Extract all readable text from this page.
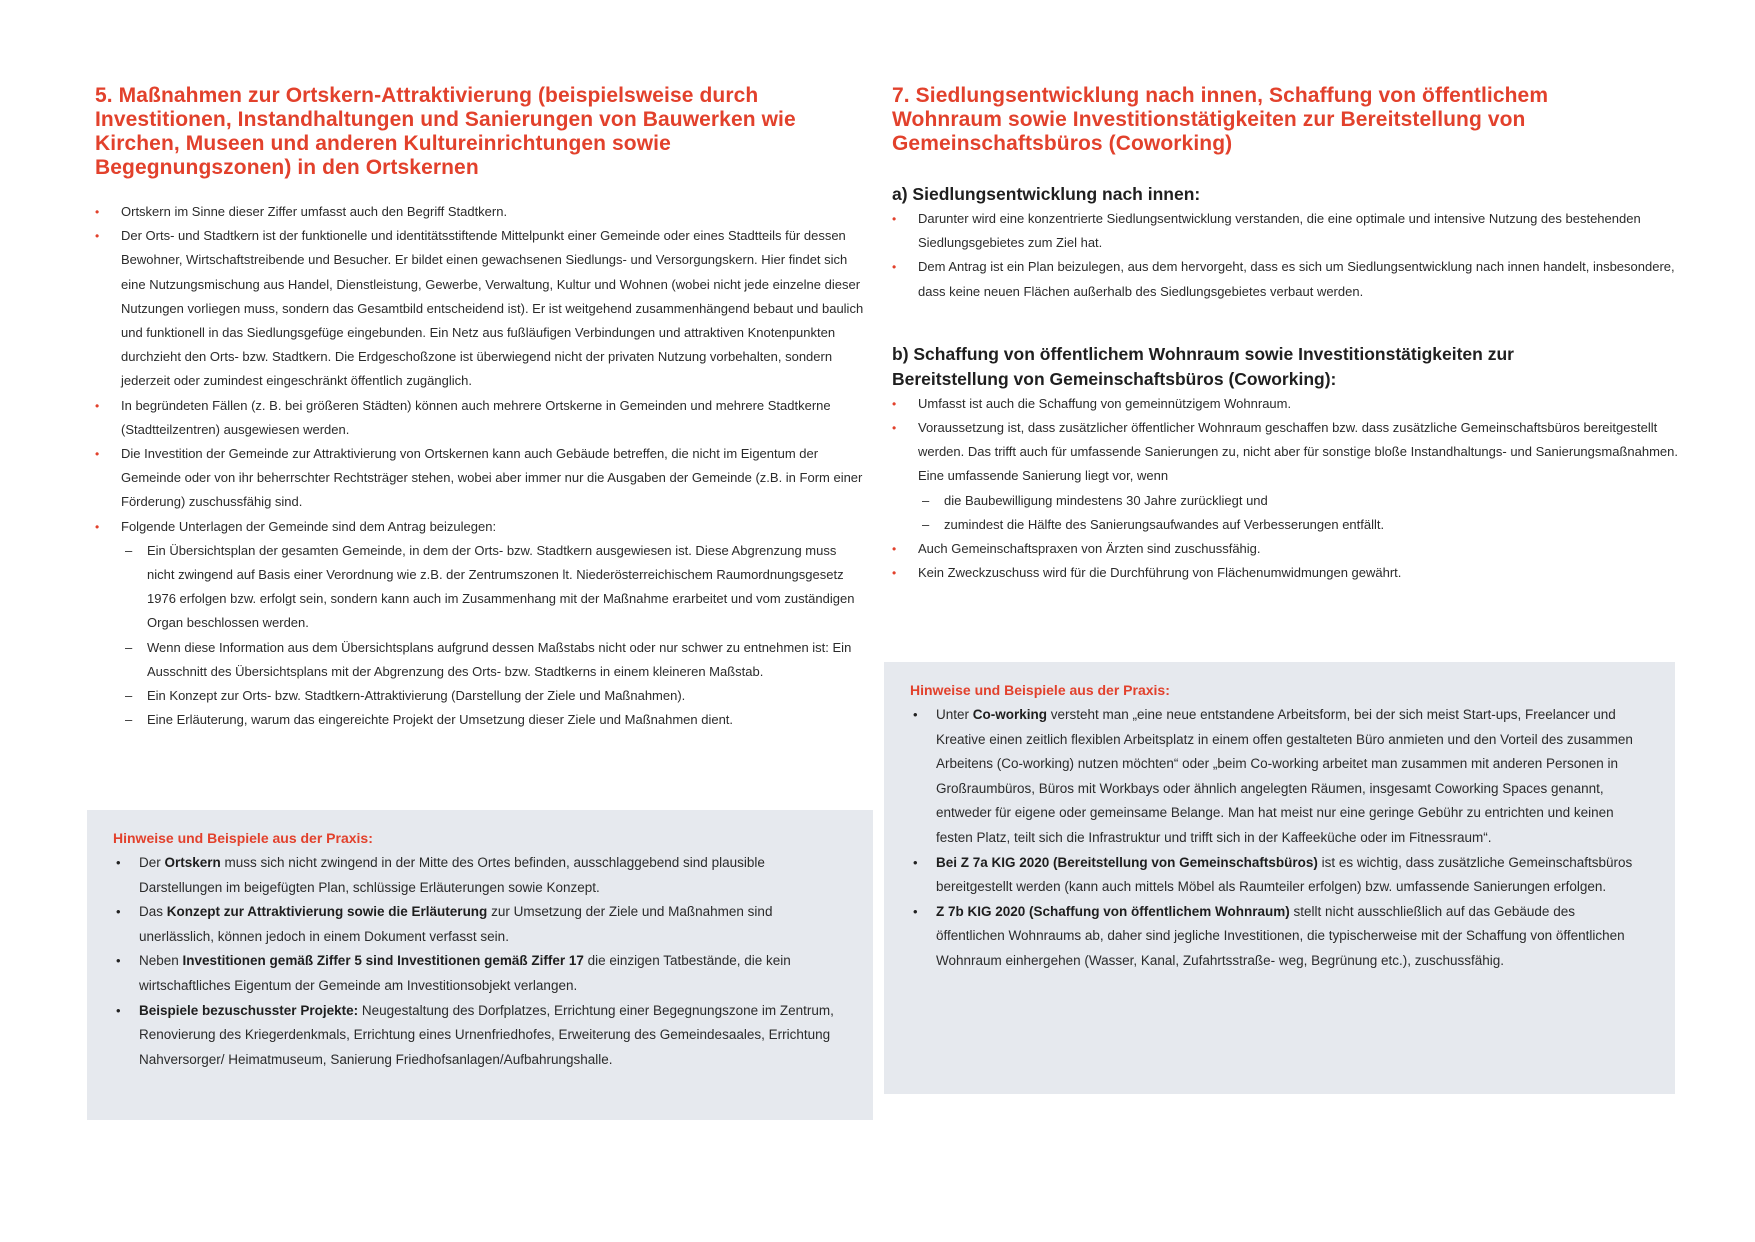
5. Maßnahmen zur Ortskern-Attraktivierung (beispielsweise durch Investitionen, Instandhaltungen und Sanierungen von Bauwerken wie Kirchen, Museen und anderen Kultureinrichtungen sowie Begegnungszonen) in den Ortskernen
• Ortskern im Sinne dieser Ziffer umfasst auch den Begriff Stadtkern.
• Der Orts- und Stadtkern ist der funktionelle und identitätsstiftende Mittelpunkt einer Gemeinde oder eines Stadtteils für dessen Bewohner, Wirtschaftstreibende und Besucher. Er bildet einen gewachsenen Siedlungs- und Versorgungskern. Hier findet sich eine Nutzungsmischung aus Handel, Dienstleistung, Gewerbe, Verwaltung, Kultur und Wohnen (wobei nicht jede einzelne dieser Nutzungen vorliegen muss, sondern das Gesamtbild entscheidend ist). Er ist weitgehend zusammenhängend bebaut und baulich und funktionell in das Siedlungsgefüge eingebunden. Ein Netz aus fußläufigen Verbindungen und attraktiven Knotenpunkten durchzieht den Orts- bzw. Stadtkern. Die Erdgeschoßzone ist überwiegend nicht der privaten Nutzung vorbehalten, sondern jederzeit oder zumindest eingeschränkt öffentlich zugänglich.
• In begründeten Fällen (z. B. bei größeren Städten) können auch mehrere Ortskerne in Gemeinden und mehrere Stadtkerne (Stadtteilzentren) ausgewiesen werden.
• Die Investition der Gemeinde zur Attraktivierung von Ortskernen kann auch Gebäude betreffen, die nicht im Eigentum der Gemeinde oder von ihr beherrschter Rechtsträger stehen, wobei aber immer nur die Ausgaben der Gemeinde (z.B. in Form einer Förderung) zuschussfähig sind.
• Folgende Unterlagen der Gemeinde sind dem Antrag beizulegen:
– Ein Übersichtsplan der gesamten Gemeinde, in dem der Orts- bzw. Stadtkern ausgewiesen ist. Diese Abgrenzung muss nicht zwingend auf Basis einer Verordnung wie z.B. der Zentrumszonen lt. Niederösterreichischem Raumordnungsgesetz 1976 erfolgen bzw. erfolgt sein, sondern kann auch im Zusammenhang mit der Maßnahme erarbeitet und vom zuständigen Organ beschlossen werden.
– Wenn diese Information aus dem Übersichtsplans aufgrund dessen Maßstabs nicht oder nur schwer zu entnehmen ist: Ein Ausschnitt des Übersichtsplans mit der Abgrenzung des Orts- bzw. Stadtkerns in einem kleineren Maßstab.
– Ein Konzept zur Orts- bzw. Stadtkern-Attraktivierung (Darstellung der Ziele und Maßnahmen).
– Eine Erläuterung, warum das eingereichte Projekt der Umsetzung dieser Ziele und Maßnahmen dient.
Hinweise und Beispiele aus der Praxis:
• Der Ortskern muss sich nicht zwingend in der Mitte des Ortes befinden, ausschlaggebend sind plausible Darstellungen im beigefügten Plan, schlüssige Erläuterungen sowie Konzept.
• Das Konzept zur Attraktivierung sowie die Erläuterung zur Umsetzung der Ziele und Maßnahmen sind unerlässlich, können jedoch in einem Dokument verfasst sein.
• Neben Investitionen gemäß Ziffer 5 sind Investitionen gemäß Ziffer 17 die einzigen Tatbestände, die kein wirtschaftliches Eigentum der Gemeinde am Investitionsobjekt verlangen.
• Beispiele bezuschusster Projekte: Neugestaltung des Dorfplatzes, Errichtung einer Begegnungszone im Zentrum, Renovierung des Kriegerdenkmals, Errichtung eines Urnenfriedhofes, Erweiterung des Gemeindesaales, Errichtung Nahversorger/ Heimatmuseum, Sanierung Friedhofsanlagen/Aufbahrungshalle.
7. Siedlungsentwicklung nach innen, Schaffung von öffentlichem Wohnraum sowie Investitionstätigkeiten zur Bereitstellung von Gemeinschaftsbüros (Coworking)
a) Siedlungsentwicklung nach innen:
• Darunter wird eine konzentrierte Siedlungsentwicklung verstanden, die eine optimale und intensive Nutzung des bestehenden Siedlungsgebietes zum Ziel hat.
• Dem Antrag ist ein Plan beizulegen, aus dem hervorgeht, dass es sich um Siedlungsentwicklung nach innen handelt, insbesondere, dass keine neuen Flächen außerhalb des Siedlungsgebietes verbaut werden.
b) Schaffung von öffentlichem Wohnraum sowie Investitionstätigkeiten zur Bereitstellung von Gemeinschaftsbüros (Coworking):
• Umfasst ist auch die Schaffung von gemeinnützigem Wohnraum.
• Voraussetzung ist, dass zusätzlicher öffentlicher Wohnraum geschaffen bzw. dass zusätzliche Gemeinschaftsbüros bereitgestellt werden. Das trifft auch für umfassende Sanierungen zu, nicht aber für sonstige bloße Instandhaltungs- und Sanierungsmaßnahmen. Eine umfassende Sanierung liegt vor, wenn
– die Baubewilligung mindestens 30 Jahre zurückliegt und
– zumindest die Hälfte des Sanierungsaufwandes auf Verbesserungen entfällt.
• Auch Gemeinschaftspraxen von Ärzten sind zuschussfähig.
• Kein Zweckzuschuss wird für die Durchführung von Flächenumwidmungen gewährt.
Hinweise und Beispiele aus der Praxis:
• Unter Co-working versteht man „eine neue entstandene Arbeitsform, bei der sich meist Start-ups, Freelancer und Kreative einen zeitlich flexiblen Arbeitsplatz in einem offen gestalteten Büro anmieten und den Vorteil des zusammen Arbeitens (Co-working) nutzen möchten“ oder „beim Co-working arbeitet man zusammen mit anderen Personen in Großraumbüros, Büros mit Workbays oder ähnlich angelegten Räumen, insgesamt Coworking Spaces genannt, entweder für eigene oder gemeinsame Belange. Man hat meist nur eine geringe Gebühr zu entrichten und keinen festen Platz, teilt sich die Infrastruktur und trifft sich in der Kaffeeküche oder im Fitnessraum“.
• Bei Z 7a KIG 2020 (Bereitstellung von Gemeinschaftsbüros) ist es wichtig, dass zusätzliche Gemeinschaftsbüros bereitgestellt werden (kann auch mittels Möbel als Raumteiler erfolgen) bzw. umfassende Sanierungen erfolgen.
• Z 7b KIG 2020 (Schaffung von öffentlichem Wohnraum) stellt nicht ausschließlich auf das Gebäude des öffentlichen Wohnraums ab, daher sind jegliche Investitionen, die typischerweise mit der Schaffung von öffentlichen Wohnraum einhergehen (Wasser, Kanal, Zufahrtsstraße- weg, Begrünung etc.), zuschussfähig.
